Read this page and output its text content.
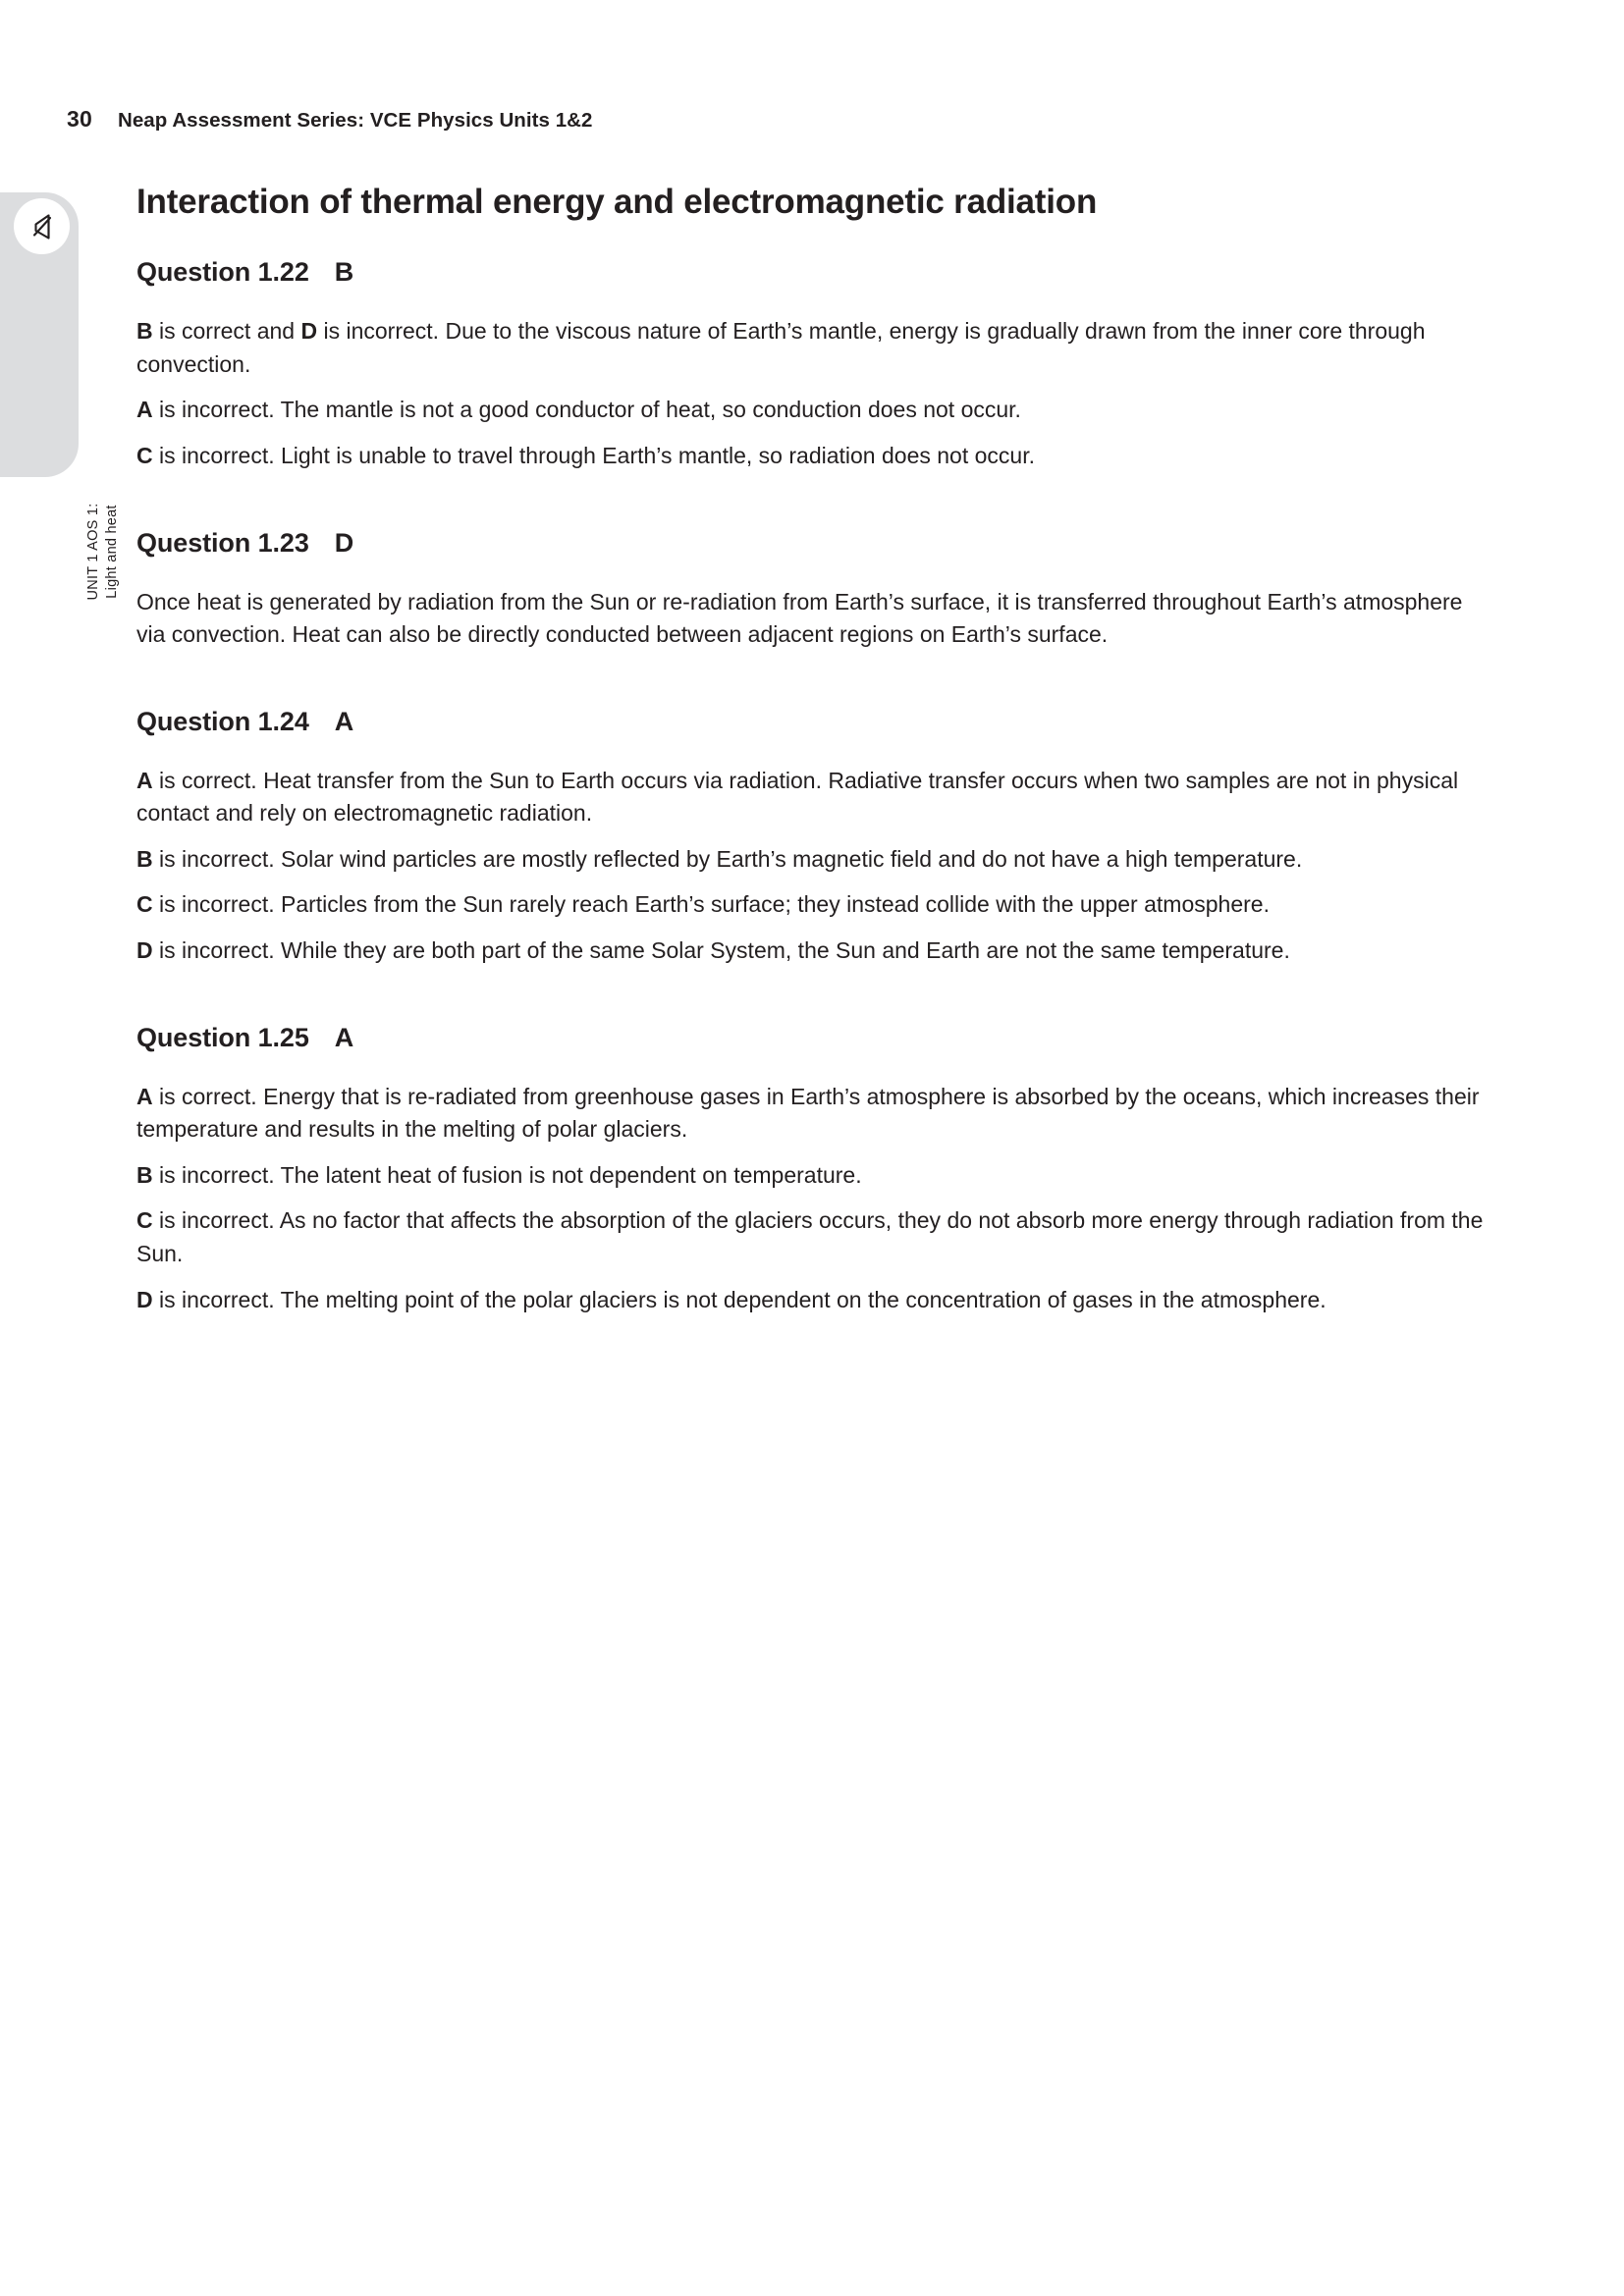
30	Neap Assessment Series: VCE Physics Units 1&2
UNIT 1 AOS 1: Light and heat
Interaction of thermal energy and electromagnetic radiation
Question 1.22 B

B is correct and D is incorrect. Due to the viscous nature of Earth’s mantle, energy is gradually drawn from the inner core through convection.

A is incorrect. The mantle is not a good conductor of heat, so conduction does not occur.

C is incorrect. Light is unable to travel through Earth’s mantle, so radiation does not occur.

Question 1.23 D

Once heat is generated by radiation from the Sun or re-radiation from Earth’s surface, it is transferred throughout Earth’s atmosphere via convection. Heat can also be directly conducted between adjacent regions on Earth’s surface.

Question 1.24 A

A is correct. Heat transfer from the Sun to Earth occurs via radiation. Radiative transfer occurs when two samples are not in physical contact and rely on electromagnetic radiation.

B is incorrect. Solar wind particles are mostly reflected by Earth’s magnetic field and do not have a high temperature.

C is incorrect. Particles from the Sun rarely reach Earth’s surface; they instead collide with the upper atmosphere.

D is incorrect. While they are both part of the same Solar System, the Sun and Earth are not the same temperature.

Question 1.25 A

A is correct. Energy that is re-radiated from greenhouse gases in Earth’s atmosphere is absorbed by the oceans, which increases their temperature and results in the melting of polar glaciers.

B is incorrect. The latent heat of fusion is not dependent on temperature.

C is incorrect. As no factor that affects the absorption of the glaciers occurs, they do not absorb more energy through radiation from the Sun.

D is incorrect. The melting point of the polar glaciers is not dependent on the concentration of gases in the atmosphere.
